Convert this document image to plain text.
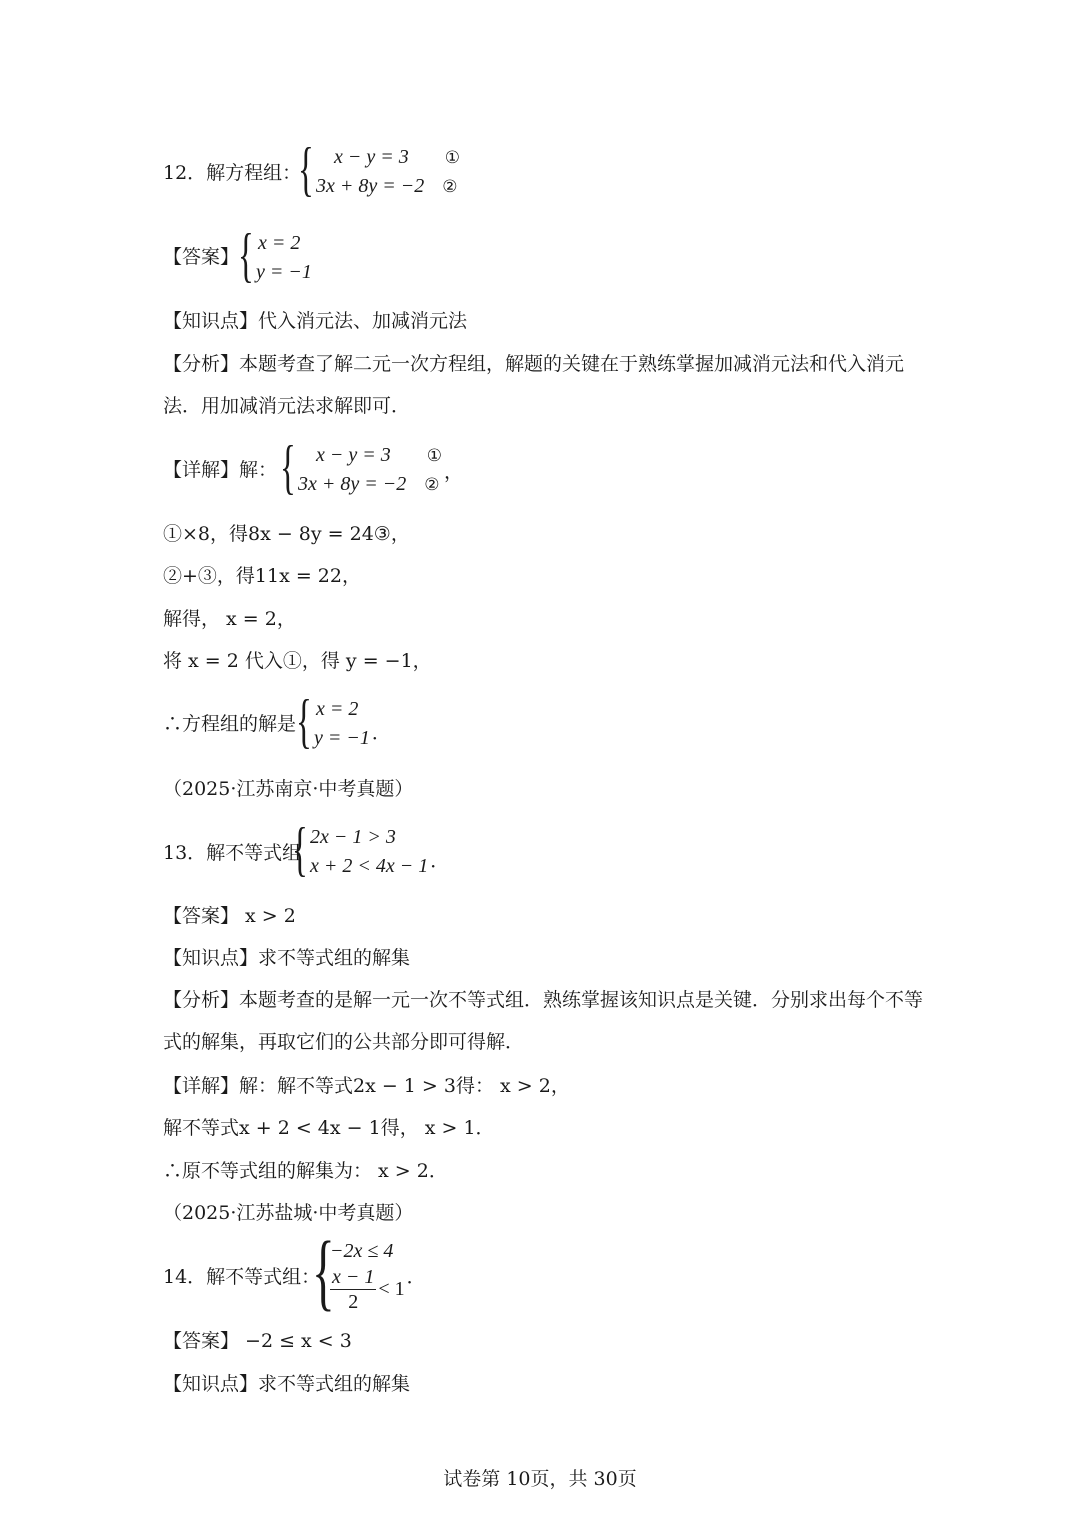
12．解方程组：
{	x − y = 3 ①
3x + 8y = −2 ②
【答案】
{ x = 2
y = −1
【知识点】代入消元法、加减消元法
【分析】本题考查了解二元一次方程组，解题的关键在于熟练掌握加减消元法和代入消元
法．用加减消元法求解即可．
【详解】解： {	x − y = 3 ①
3x + 8y = −2 ②
，
①×8，得8x − 8y = 24③，
②+③，得11x = 22，
解得， x = 2，
将 x = 2 代入①，得 y = −1，
∴方程组的解是 { x = 2
y = −1 ．
（2025·江苏南京·中考真题）
13．解不等式组
{ 2x − 1 > 3
x + 2 < 4x − 1 ．
【答案】 x > 2
【知识点】求不等式组的解集
【分析】本题考查的是解一元一次不等式组．熟练掌握该知识点是关键．分别求出每个不等
式的解集，再取它们的公共部分即可得解．
【详解】解：解不等式2x − 1 > 3得： x > 2，
解不等式x + 2 < 4x − 1得， x > 1．
∴原不等式组的解集为： x > 2．
（2025·江苏盐城·中考真题）
14．解不等式组：
{
−2x ≤ 4
$\frac{x - 1}{2} < 1$
．
【答案】 −2 ≤ x < 3
【知识点】求不等式组的解集
试卷第 10页，共 30页
